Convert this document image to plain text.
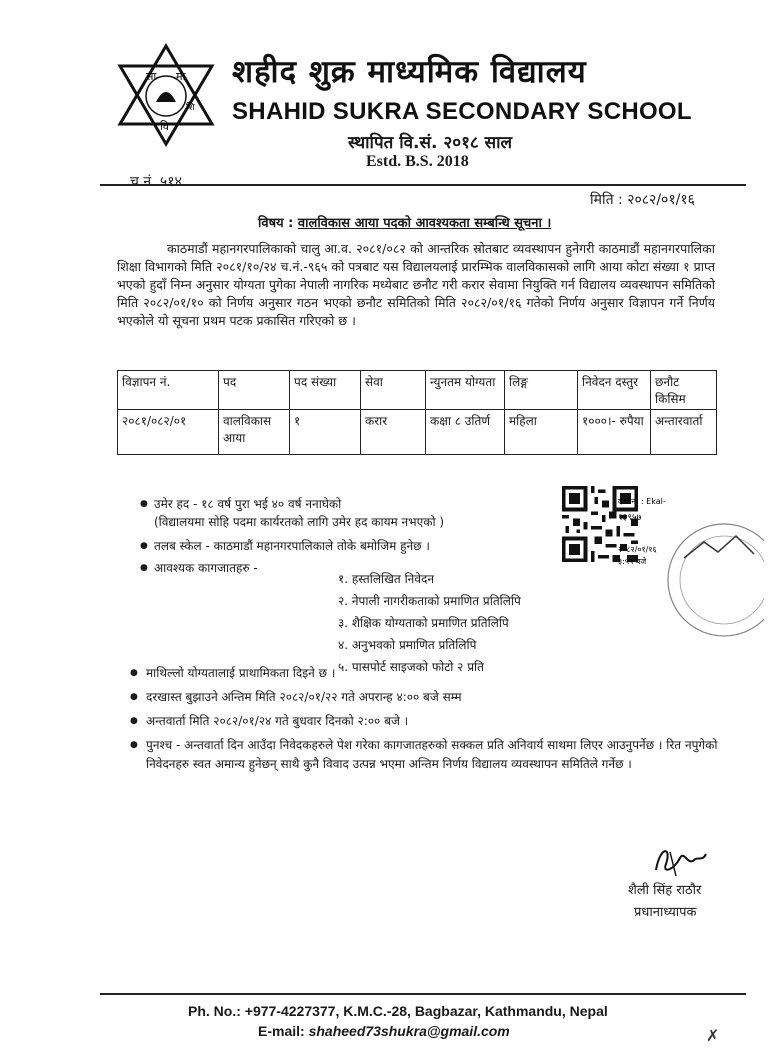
सा मा
वि
शि
शहीद शुक्र माध्यमिक विद्यालय
SHAHID SUKRA SECONDARY SCHOOL
स्थापित वि.सं. २०१८ साल
Estd. B.S. 2018
च.नं. ५१४
मिति : २०८२/०१/१६
विषय : वालविकास आया पदको आवश्यकता सम्बन्धि सूचना ।
काठमाडौं महानगरपालिकाको चालु आ.व. २०८१/०८२ को आन्तरिक स्रोतबाट व्यवस्थापन हुनेगरी काठमाडौं महानगरपालिका शिक्षा विभागको मिति २०८१/१०/२४ च.नं.-९६५ को पत्रबाट यस विद्यालयलाई प्रारम्भिक वालविकासको लागि आया कोटा संख्या १ प्राप्त भएको हुदाँ निम्न अनुसार योग्यता पुगेका नेपाली नागरिक मध्येबाट छनौट गरी करार सेवामा नियुक्ति गर्न विद्यालय व्यवस्थापन समितिको मिति २०८२/०१/१० को निर्णय अनुसार गठन भएको छनौट समितिको मिति २०८२/०१/१६ गतेको निर्णय अनुसार विज्ञापन गर्ने निर्णय भएकोले यो सूचना प्रथम पटक प्रकासित गरिएको छ ।
विज्ञापन नं.	पद	पद संख्या	सेवा	न्युनतम योग्यता	लिङ्ग	निवेदन दस्तुर	छनौट किसिम
२०८१/०८२/०१	वालविकास आया	१	करार	कक्षा ८ उतिर्ण	महिला	१०००।- रुपैया	अन्तारवार्ता
● उमेर हद - १८ वर्ष पुरा भई ४० वर्ष ननाघेको
(विद्यालयमा सोहि पदमा कार्यरतको लागि उमेर हद कायम नभएको )
● तलब स्केल - काठमाडौं महानगरपालिकाले तोके बमोजिम हुनेछ ।
● आवश्यक कागजातहरु -
१. हस्तलिखित निवेदन
२. नेपाली नागरीकताको प्रमाणित प्रतिलिपि
३. शैक्षिक योग्यताको प्रमाणित प्रतिलिपि
४. अनुभवको प्रमाणित प्रतिलिपि
५. पासपोर्ट साइजको फोटो २ प्रति
● माथिल्लो योग्यतालाई प्राथामिकता दिइने छ ।
● दरखास्त बुझाउने अन्तिम मिति २०८२/०१/२२ गते अपरान्ह ४:०० बजे सम्म
● अन्तवार्ता मिति २०८२/०१/२४ गते बुधवार दिनको २:०० बजे ।
● पुनश्च - अन्तवार्ता दिन आउँदा निवेदकहरुले पेश गरेका कागजातहरुको सक्कल प्रति अनिवार्य साथमा लिएर आउनुपर्नेछ । रित नपुगेको निवेदनहरु स्वत अमान्य हुनेछन् साथै कुनै विवाद उत्पन्न भएमा अन्तिम निर्णय विद्यालय व्यवस्थापन समितिले गर्नेछ ।
दर्ता नं. : Ekal-
१३९५७
२०८२/०१/१६
३:५५ बजे
शैली सिंह राठौर
प्रधानाध्यापक
Ph. No.: +977-4227377, K.M.C.-28, Bagbazar, Kathmandu, Nepal
E-mail: shaheed73shukra@gmail.com	✗
